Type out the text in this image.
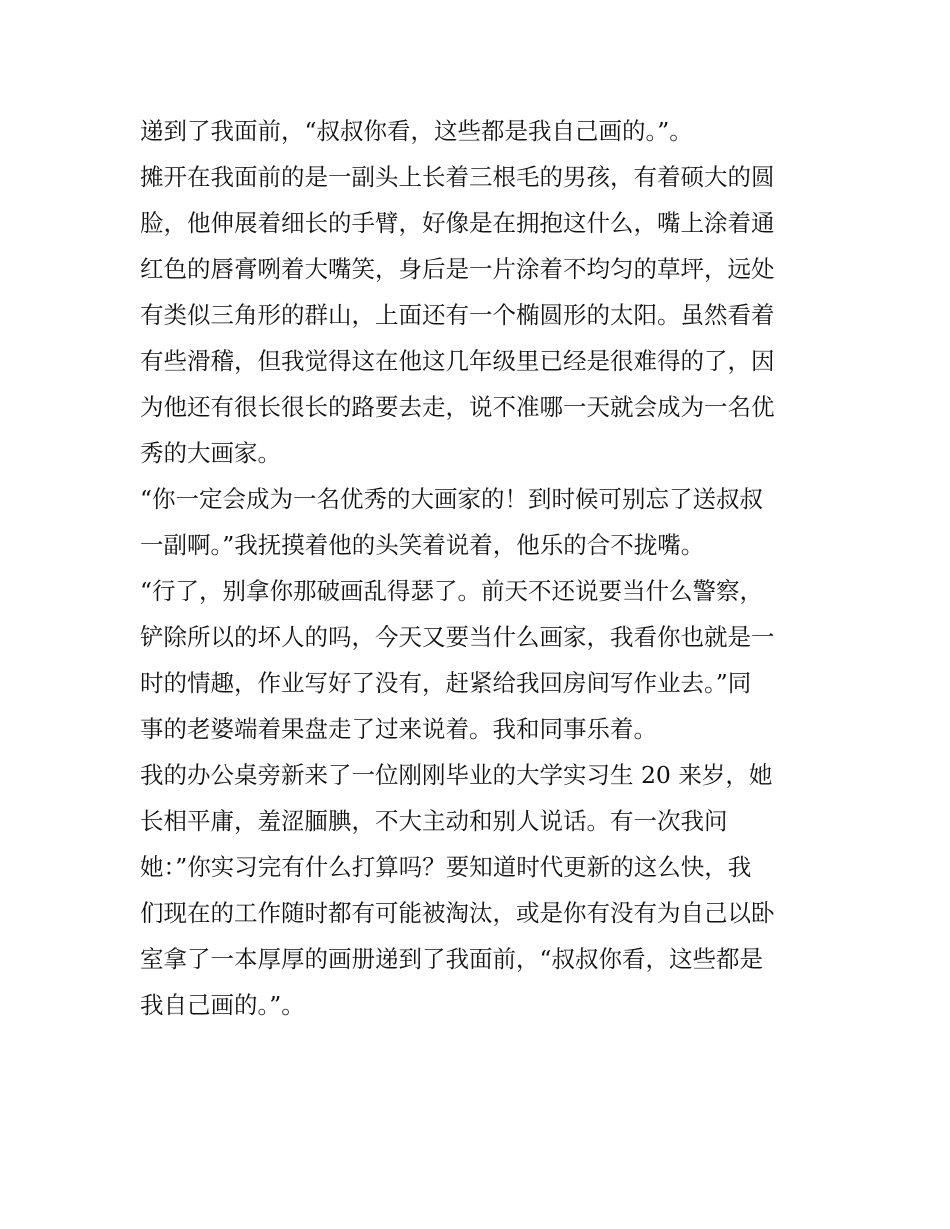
递到了我面前，“叔叔你看，这些都是我自己画的。”。
摊开在我面前的是一副头上长着三根毛的男孩，有着硕大的圆
脸，他伸展着细长的手臂，好像是在拥抱这什么，嘴上涂着通
红色的唇膏咧着大嘴笑，身后是一片涂着不均匀的草坪，远处
有类似三角形的群山，上面还有一个椭圆形的太阳。虽然看着
有些滑稽，但我觉得这在他这几年级里已经是很难得的了，因
为他还有很长很长的路要去走，说不准哪一天就会成为一名优
秀的大画家。
“你一定会成为一名优秀的大画家的！到时候可别忘了送叔叔
一副啊。”我抚摸着他的头笑着说着，他乐的合不拢嘴。
“行了，别拿你那破画乱得瑟了。前天不还说要当什么警察，
铲除所以的坏人的吗，今天又要当什么画家，我看你也就是一
时的情趣，作业写好了没有，赶紧给我回房间写作业去。”同
事的老婆端着果盘走了过来说着。我和同事乐着。
我的办公桌旁新来了一位刚刚毕业的大学实习生 20 来岁，她
长相平庸，羞涩腼腆，不大主动和别人说话。有一次我问
她：”你实习完有什么打算吗？要知道时代更新的这么快，我
们现在的工作随时都有可能被淘汰，或是你有没有为自己以卧
室拿了一本厚厚的画册递到了我面前，“叔叔你看，这些都是
我自己画的。”。
